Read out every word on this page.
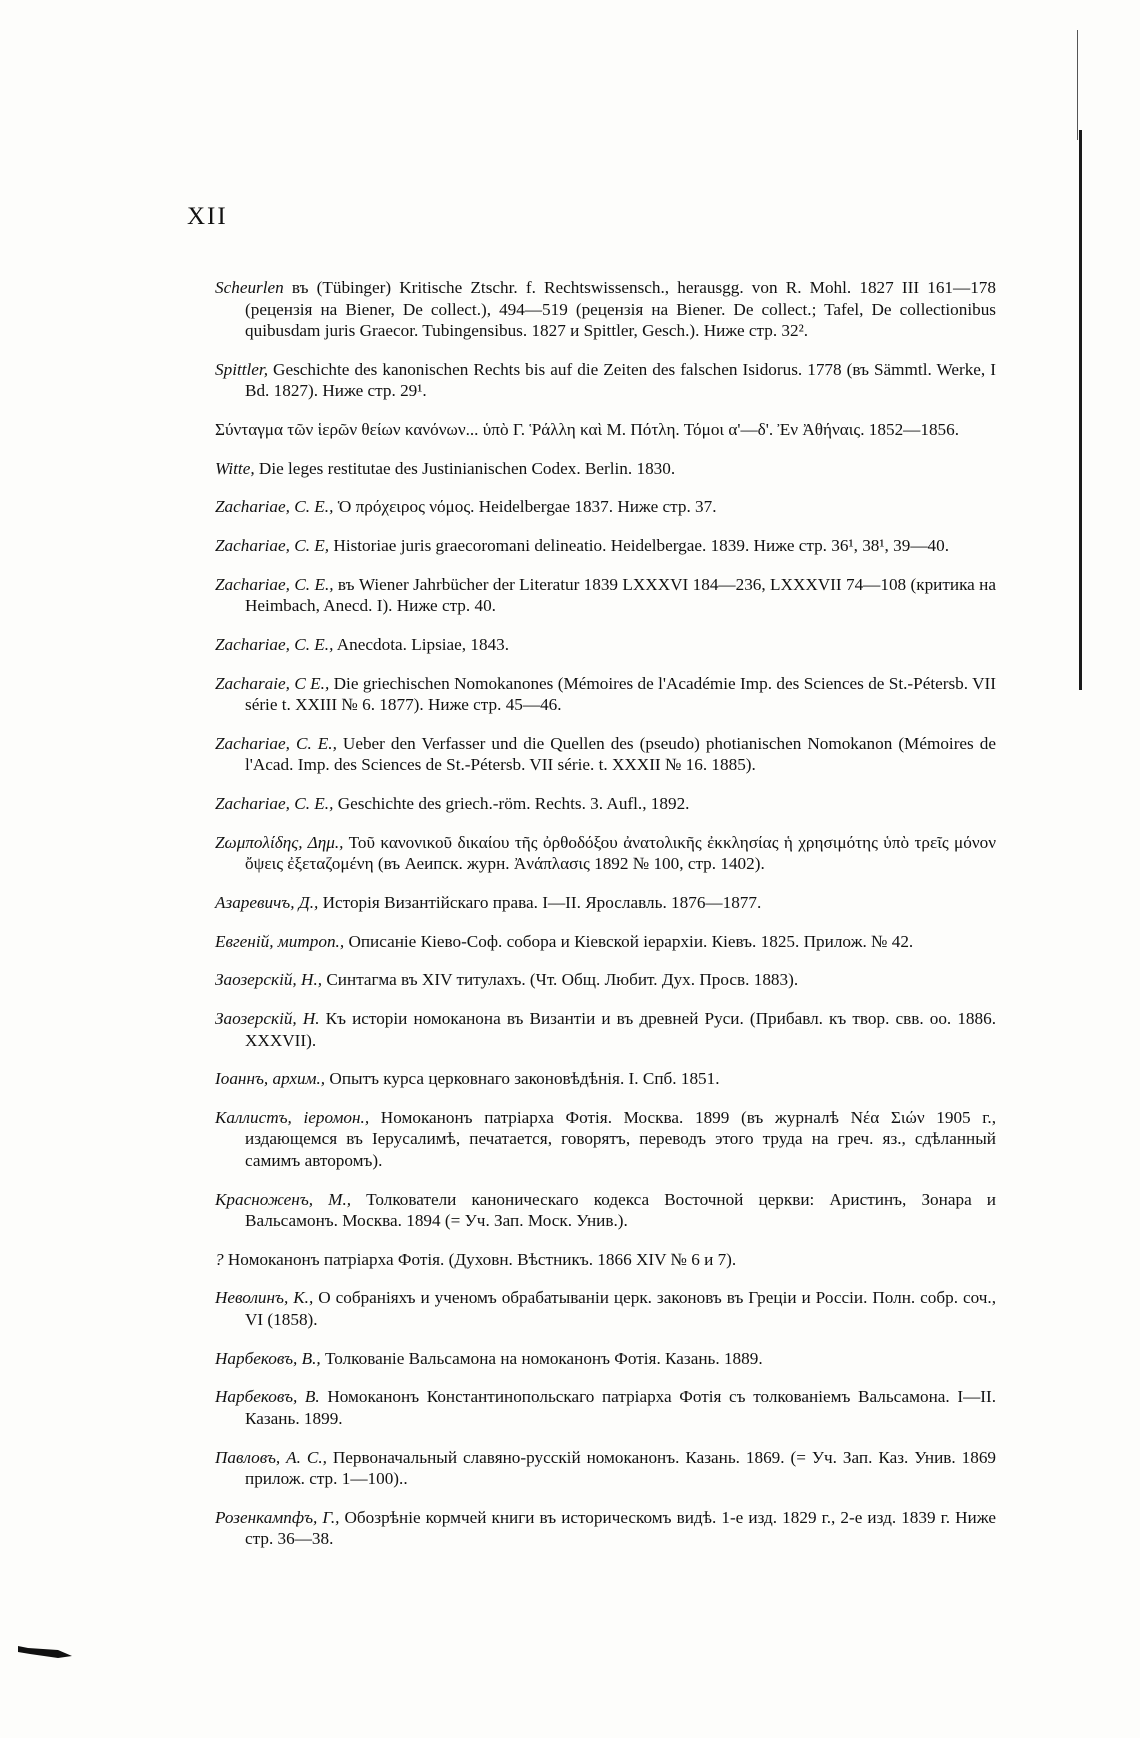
XII

Scheurlen въ (Tübinger) Kritische Ztschr. f. Rechtswissensch., herausgg. von R. Mohl. 1827 III 161—178 (рецензія на Biener, De collect.), 494—519 (рецензія на Biener. De collect.; Tafel, De collectionibus quibusdam juris Graecor. Tubingensibus. 1827 и Spittler, Gesch.). Ниже стр. 32².

Spittler, Geschichte des kanonischen Rechts bis auf die Zeiten des falschen Isidorus. 1778 (въ Sämmtl. Werke, I Bd. 1827). Ниже стр. 29¹.

Σύνταγμα τῶν ἱερῶν θείων κανόνων... ὑπὸ Γ. Ῥάλλη καὶ Μ. Πότλη. Τόμοι α'—δ'. Ἐν Ἀθήναις. 1852—1856.

Witte, Die leges restitutae des Justinianischen Codex. Berlin. 1830.

Zachariae, C. E., Ὁ πρόχειρος νόμος. Heidelbergae 1837. Ниже стр. 37.

Zachariae, C. E, Historiae juris graecoromani delineatio. Heidelbergae. 1839. Ниже стр. 36¹, 38¹, 39—40.

Zachariae, C. E., въ Wiener Jahrbücher der Literatur 1839 LXXXVI 184—236, LXXXVII 74—108 (критика на Heimbach, Anecd. I). Ниже стр. 40.

Zachariae, C. E., Anecdota. Lipsiae, 1843.

Zacharaie, C E., Die griechischen Nomokanones (Mémoires de l'Académie Imp. des Sciences de St.-Pétersb. VII série t. XXIII № 6. 1877). Ниже стр. 45—46.

Zachariae, C. E., Ueber den Verfasser und die Quellen des (pseudo) photianischen Nomokanon (Mémoires de l'Acad. Imp. des Sciences de St.-Pétersb. VII série. t. XXXII № 16. 1885).

Zachariae, C. E., Geschichte des griech.-röm. Rechts. 3. Aufl., 1892.

Ζωμπολίδης, Δημ., Τοῦ κανονικοῦ δικαίου τῆς ὀρθοδόξου ἀνατολικῆς ἐκκλησίας ἡ χρησιμότης ὑπὸ τρεῖς μόνον ὄψεις ἐξεταζομένη (въ Аеипск. журн. Ἀνάπλασις 1892 № 100, стр. 1402).

Азаревичъ, Д., Исторія Византійскаго права. I—II. Ярославль. 1876—1877.

Евгеній, митроп., Описаніе Кіево-Соф. собора и Кіевской іерархіи. Кіевъ. 1825. Прилож. № 42.

Заозерскій, Н., Синтагма въ XIV титулахъ. (Чт. Общ. Любит. Дух. Просв. 1883).

Заозерскій, Н. Къ исторіи номоканона въ Византіи и въ древней Руси. (Прибавл. къ твор. свв. оо. 1886. XXXVII).

Іоаннъ, архим., Опытъ курса церковнаго законовѣдѣнія. I. Спб. 1851.

Каллистъ, іеромон., Номоканонъ патріарха Фотія. Москва. 1899 (въ журналѣ Νέα Σιών 1905 г., издающемся въ Іерусалимѣ, печатается, говорятъ, переводъ этого труда на греч. яз., сдѣланный самимъ авторомъ).

Красноженъ, М., Толкователи каноническаго кодекса Восточной церкви: Аристинъ, Зонара и Вальсамонъ. Москва. 1894 (= Уч. Зап. Моск. Унив.).

? Номоканонъ патріарха Фотія. (Духовн. Вѣстникъ. 1866 XIV № 6 и 7).

Неволинъ, К., О собраніяхъ и ученомъ обрабатываніи церк. законовъ въ Греціи и Россіи. Полн. собр. соч., VI (1858).

Нарбековъ, В., Толкованіе Вальсамона на номоканонъ Фотія. Казань. 1889.

Нарбековъ, В. Номоканонъ Константинопольскаго патріарха Фотія съ толкованіемъ Вальсамона. I—II. Казань. 1899.

Павловъ, А. С., Первоначальный славяно-русскій номоканонъ. Казань. 1869. (= Уч. Зап. Каз. Унив. 1869 прилож. стр. 1—100)..

Розенкампфъ, Г., Обозрѣніе кормчей книги въ историческомъ видѣ. 1-е изд. 1829 г., 2-е изд. 1839 г. Ниже стр. 36—38.
